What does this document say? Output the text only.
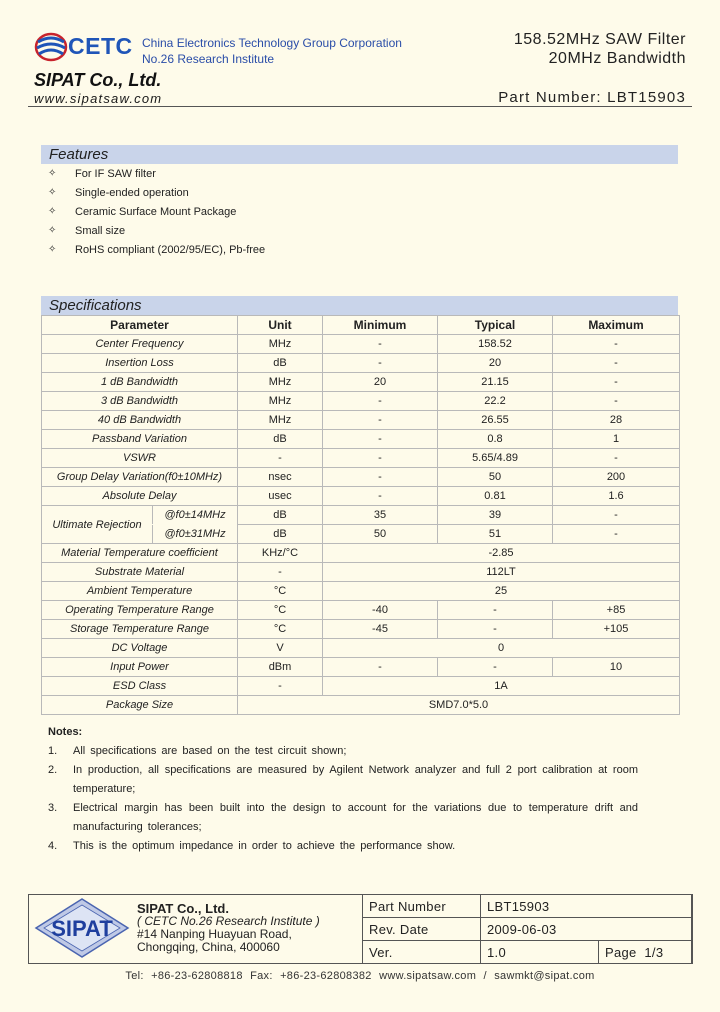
CETC China Electronics Technology Group Corporation
No.26 Research Institute
SIPAT Co., Ltd.
www.sipatsaw.com
158.52MHz SAW Filter
20MHz Bandwidth
Part Number: LBT15903
Features
✧	For IF SAW filter
✧	Single-ended operation
✧	Ceramic Surface Mount Package
✧	Small size
✧	RoHS compliant (2002/95/EC), Pb-free
Specifications
Parameter	Unit	Minimum	Typical	Maximum
Center Frequency	MHz	-	158.52	-
Insertion Loss	dB	-	20	-
1 dB Bandwidth	MHz	20	21.15	-
3 dB Bandwidth	MHz	-	22.2	-
40 dB Bandwidth	MHz	-	26.55	28
Passband Variation	dB	-	0.8	1
VSWR	-	-	5.65/4.89	-
Group Delay Variation(f0±10MHz)	nsec	-	50	200
Absolute Delay	usec	-	0.81	1.6

Ultimate Rejection
@f0±14MHz	dB	35	39	-

@f0±31MHz	dB	50	51	-
Material Temperature coefficient	KHz/°C	-2.85		
Substrate Material	-	112LT		
Ambient Temperature	°C	25		
Operating Temperature Range	°C	-40	-	+85
Storage Temperature Range	°C	-45	-	+105
DC Voltage	V	0		
Input Power	dBm	-	-	10
ESD Class	-	1A		
Package Size	SMD7.0*5.0			
Notes:
1.	All specifications are based on the test circuit shown;
2.	In production, all specifications are measured by Agilent Network analyzer and full 2 port calibration at room temperature;
3.	Electrical margin has been built into the design to account for the variations due to temperature drift and manufacturing tolerances;
4.	This is the optimum impedance in order to achieve the performance show.
SIPAT
SIPAT Co., Ltd.
( CETC No.26 Research Institute )
#14 Nanping Huayuan Road,
Chongqing, China, 400060
Part Number	LBT15903	
Rev. Date	2009-06-03	
Ver.	1.0	Page 1/3
Tel: +86-23-62808818 Fax: +86-23-62808382 www.sipatsaw.com / sawmkt@sipat.com
